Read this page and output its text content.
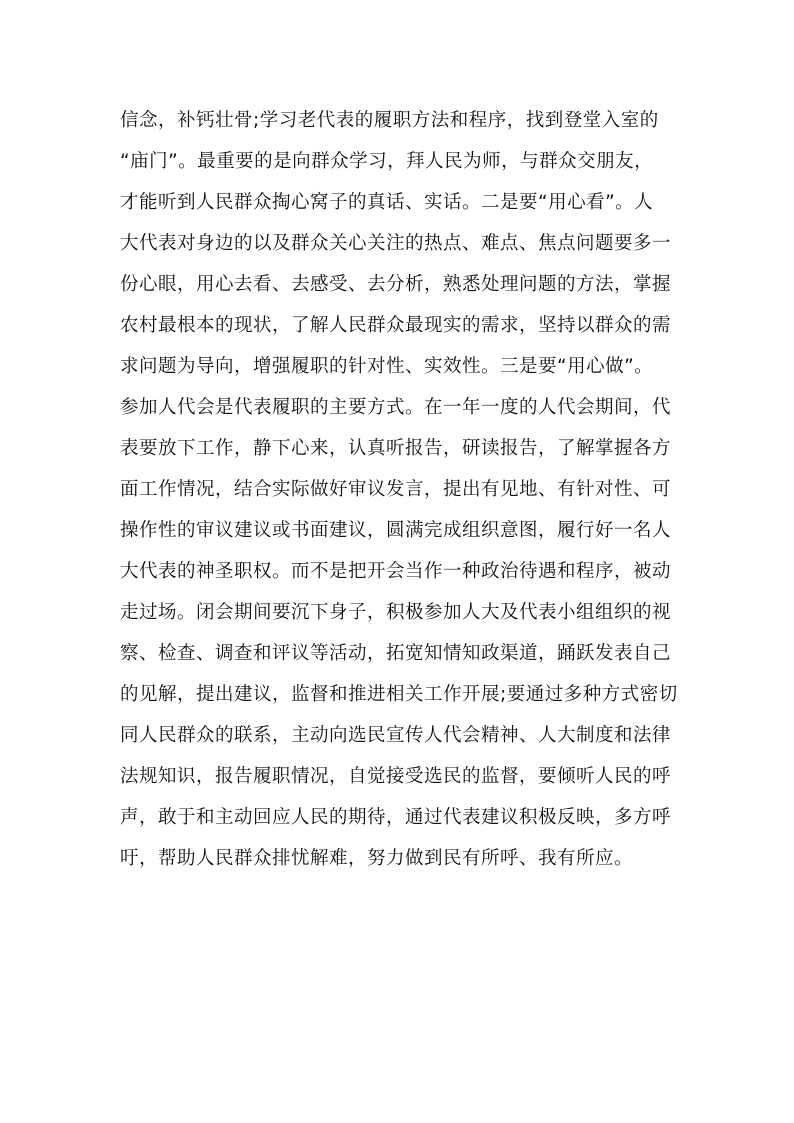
信念，补钙壮骨;学习老代表的履职方法和程序，找到登堂入室的
“庙门”。最重要的是向群众学习，拜人民为师，与群众交朋友，
才能听到人民群众掏心窝子的真话、实话。二是要“用心看”。人
大代表对身边的以及群众关心关注的热点、难点、焦点问题要多一
份心眼，用心去看、去感受、去分析，熟悉处理问题的方法，掌握
农村最根本的现状，了解人民群众最现实的需求，坚持以群众的需
求问题为导向，增强履职的针对性、实效性。三是要“用心做”。
参加人代会是代表履职的主要方式。在一年一度的人代会期间，代
表要放下工作，静下心来，认真听报告，研读报告，了解掌握各方
面工作情况，结合实际做好审议发言，提出有见地、有针对性、可
操作性的审议建议或书面建议，圆满完成组织意图，履行好一名人
大代表的神圣职权。而不是把开会当作一种政治待遇和程序，被动
走过场。闭会期间要沉下身子，积极参加人大及代表小组组织的视
察、检查、调查和评议等活动，拓宽知情知政渠道，踊跃发表自己
的见解，提出建议，监督和推进相关工作开展;要通过多种方式密切
同人民群众的联系，主动向选民宣传人代会精神、人大制度和法律
法规知识，报告履职情况，自觉接受选民的监督，要倾听人民的呼
声，敢于和主动回应人民的期待，通过代表建议积极反映，多方呼
吁，帮助人民群众排忧解难，努力做到民有所呼、我有所应。
